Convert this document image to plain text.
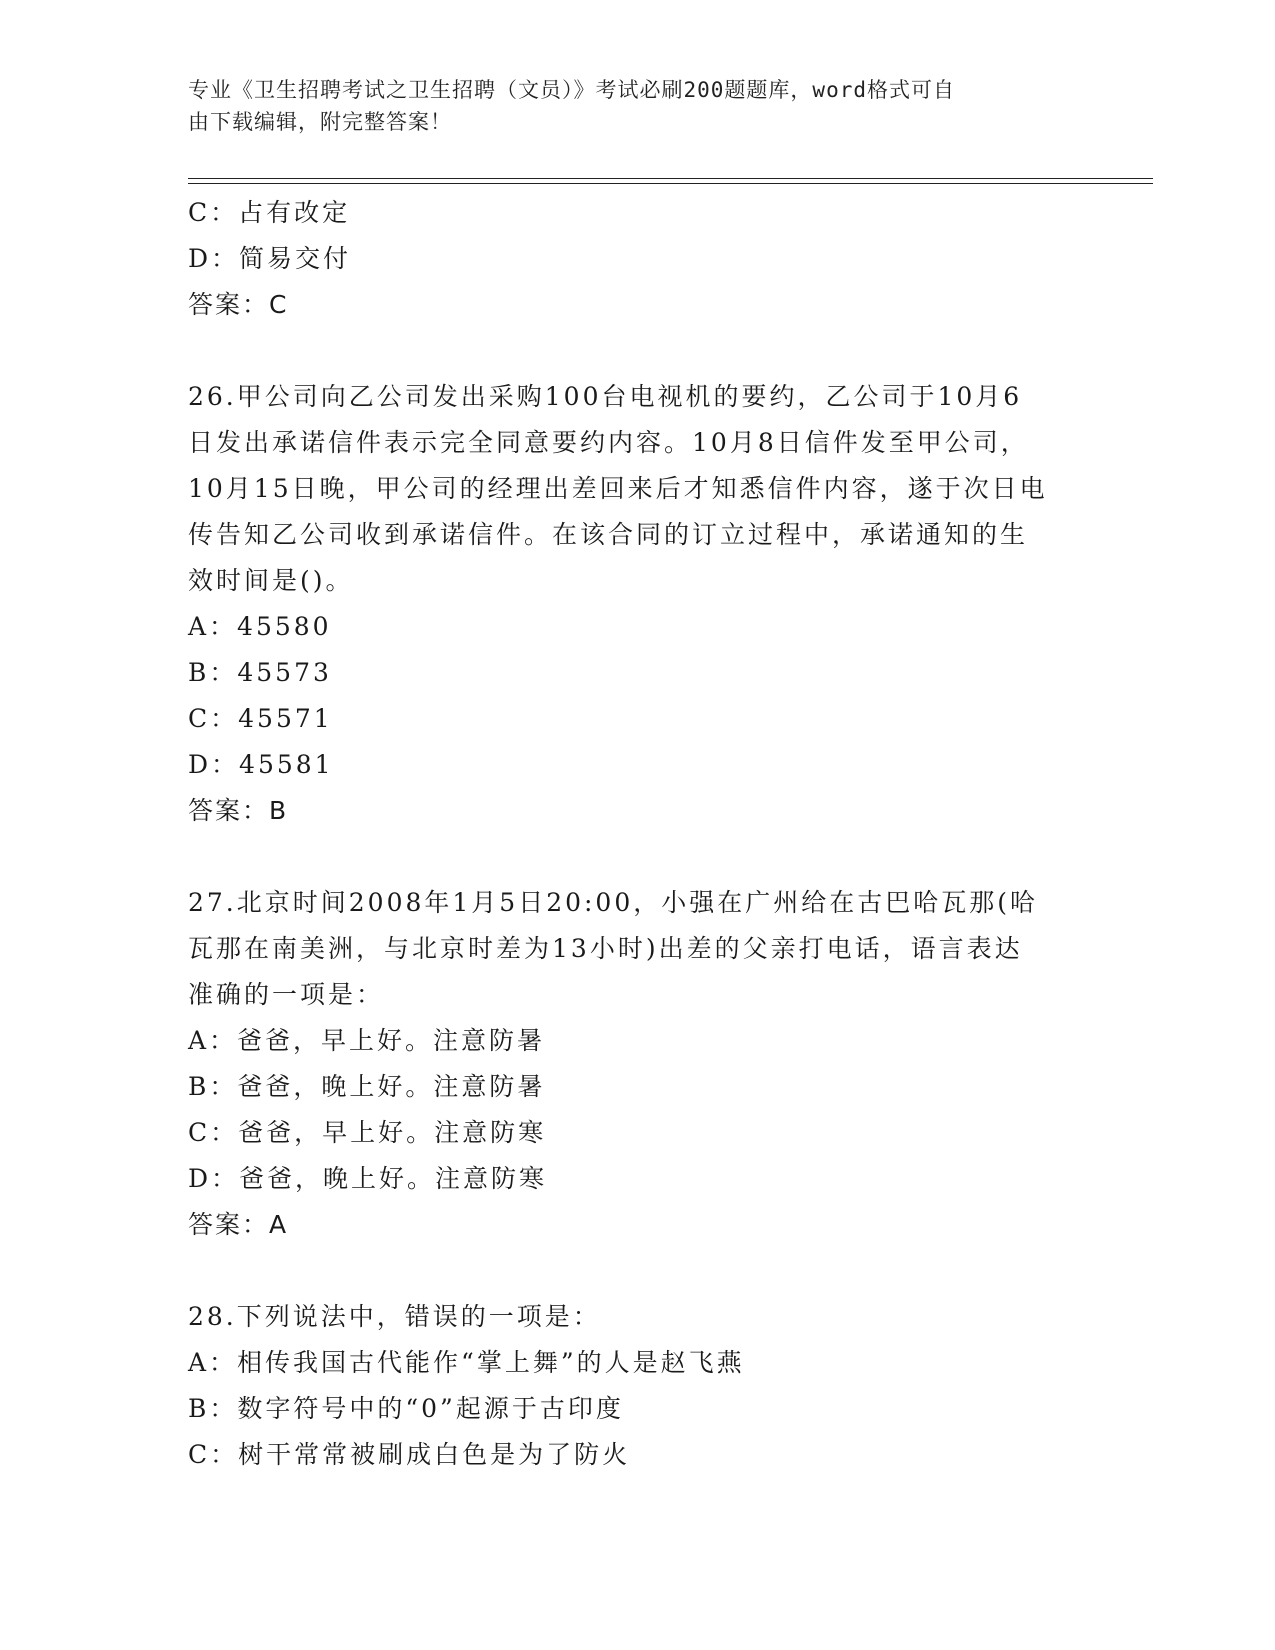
专业《卫生招聘考试之卫生招聘（文员）》考试必刷200题题库，word格式可自
由下载编辑，附完整答案！
C：占有改定
D：简易交付
答案：C
26.甲公司向乙公司发出采购100台电视机的要约，乙公司于10月6
日发出承诺信件表示完全同意要约内容。10月8日信件发至甲公司，
10月15日晚，甲公司的经理出差回来后才知悉信件内容，遂于次日电
传告知乙公司收到承诺信件。在该合同的订立过程中，承诺通知的生
效时间是()。
A：45580
B：45573
C：45571
D：45581
答案：B
27.北京时间2008年1月5日20:00，小强在广州给在古巴哈瓦那(哈
瓦那在南美洲，与北京时差为13小时)出差的父亲打电话，语言表达
准确的一项是：
A：爸爸，早上好。注意防暑
B：爸爸，晚上好。注意防暑
C：爸爸，早上好。注意防寒
D：爸爸，晚上好。注意防寒
答案：A
28.下列说法中，错误的一项是：
A：相传我国古代能作“掌上舞”的人是赵飞燕
B：数字符号中的“0”起源于古印度
C：树干常常被刷成白色是为了防火
